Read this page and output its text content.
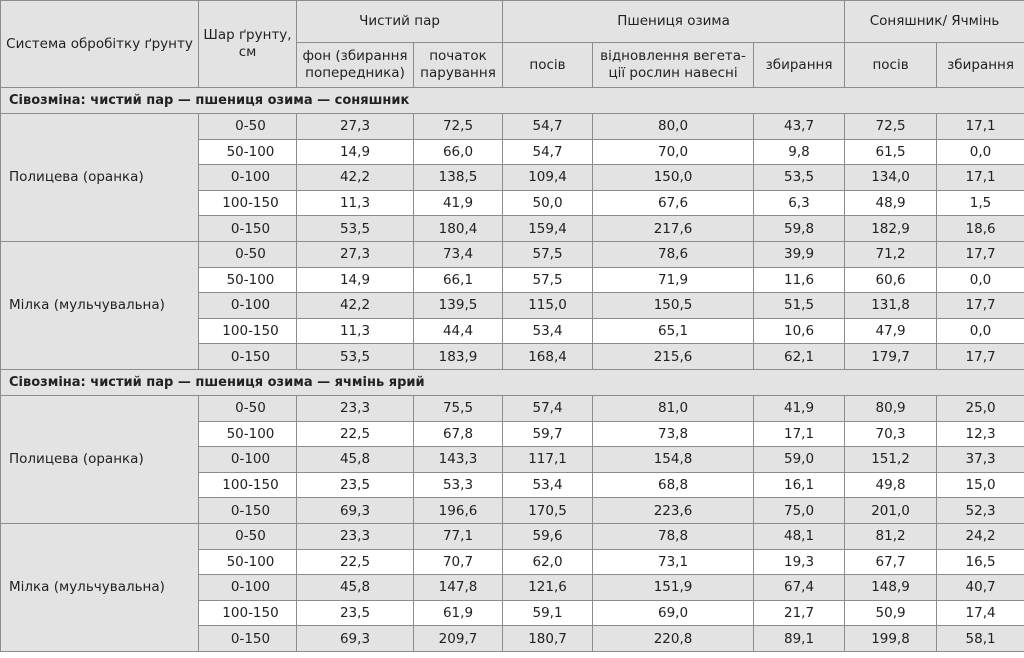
Система обробітку ґрунту	Шар ґрунту, см	Чистий пар		Пшениця озима			Соняшник/ Ячмінь	
		фон (збирання попередника)	початок парування	посів	відновлення вегета-ції рослин навесні	збирання	посів	збирання
Сівозміна: чистий пар — пшениця озима — соняшник								
Полицева (оранка)	0-50	27,3	72,5	54,7	80,0	43,7	72,5	17,1
	50-100	14,9	66,0	54,7	70,0	9,8	61,5	0,0
	0-100	42,2	138,5	109,4	150,0	53,5	134,0	17,1
	100-150	11,3	41,9	50,0	67,6	6,3	48,9	1,5
	0-150	53,5	180,4	159,4	217,6	59,8	182,9	18,6
Мілка (мульчувальна)	0-50	27,3	73,4	57,5	78,6	39,9	71,2	17,7
	50-100	14,9	66,1	57,5	71,9	11,6	60,6	0,0
	0-100	42,2	139,5	115,0	150,5	51,5	131,8	17,7
	100-150	11,3	44,4	53,4	65,1	10,6	47,9	0,0
	0-150	53,5	183,9	168,4	215,6	62,1	179,7	17,7
Сівозміна: чистий пар — пшениця озима — ячмінь ярий								
Полицева (оранка)	0-50	23,3	75,5	57,4	81,0	41,9	80,9	25,0
	50-100	22,5	67,8	59,7	73,8	17,1	70,3	12,3
	0-100	45,8	143,3	117,1	154,8	59,0	151,2	37,3
	100-150	23,5	53,3	53,4	68,8	16,1	49,8	15,0
	0-150	69,3	196,6	170,5	223,6	75,0	201,0	52,3
Мілка (мульчувальна)	0-50	23,3	77,1	59,6	78,8	48,1	81,2	24,2
	50-100	22,5	70,7	62,0	73,1	19,3	67,7	16,5
	0-100	45,8	147,8	121,6	151,9	67,4	148,9	40,7
	100-150	23,5	61,9	59,1	69,0	21,7	50,9	17,4
	0-150	69,3	209,7	180,7	220,8	89,1	199,8	58,1
